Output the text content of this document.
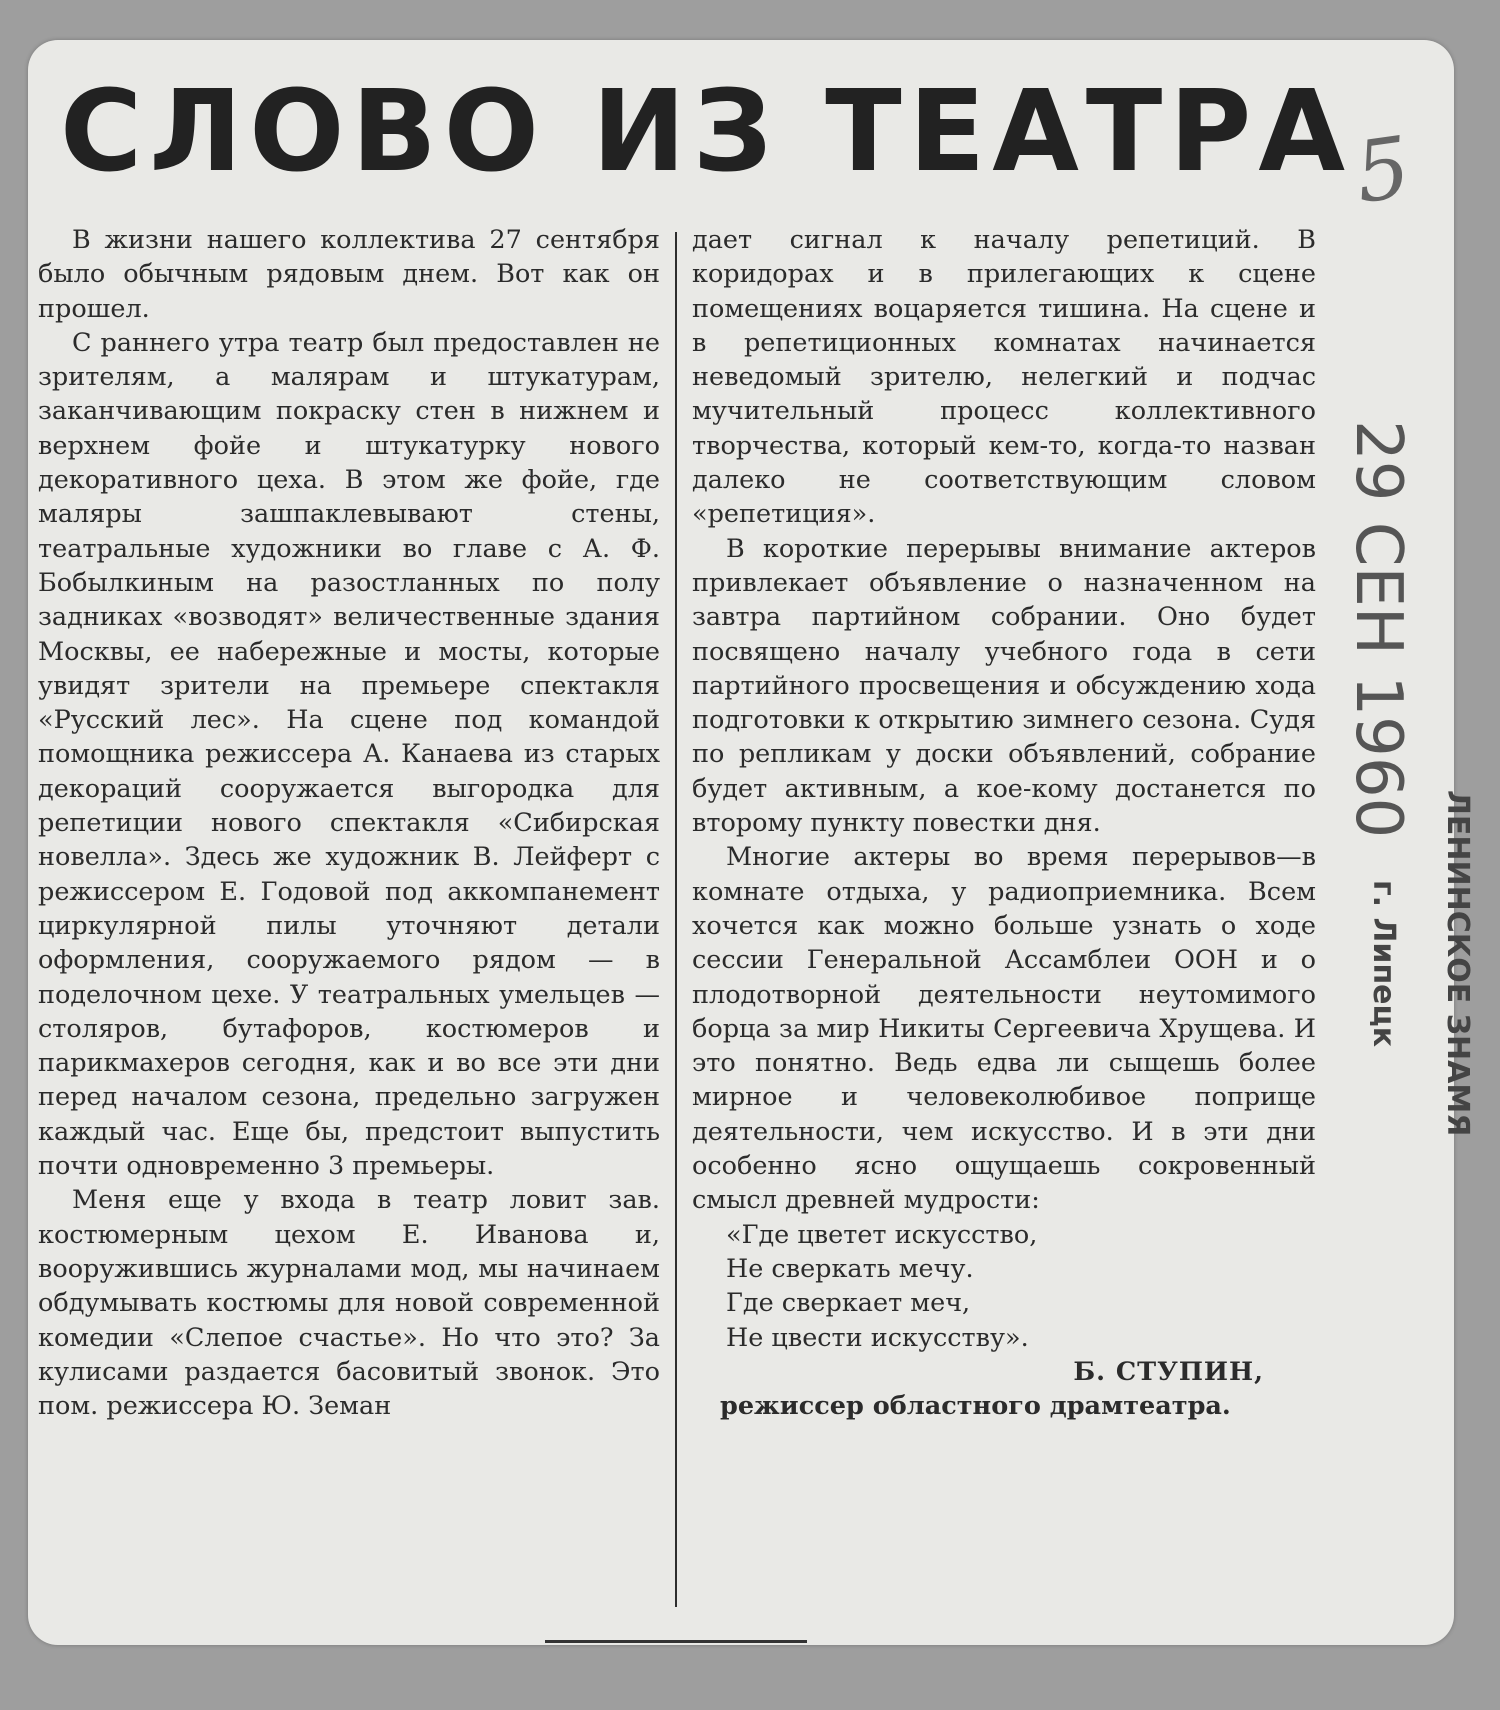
СЛОВО ИЗ ТЕАТРА

В жизни нашего коллектива 27 сентября было обычным рядовым днем. Вот как он прошел.

С раннего утра театр был предоставлен не зрителям, а малярам и штукатурам, заканчивающим покраску стен в нижнем и верхнем фойе и штукатурку нового декоративного цеха. В этом же фойе, где маляры зашпаклевывают стены, театральные художники во главе с А. Ф. Бобылкиным на разостланных по полу задниках «возводят» величественные здания Москвы, ее набережные и мосты, которые увидят зрители на премьере спектакля «Русский лес». На сцене под командой помощника режиссера А. Канаева из старых декораций сооружается выгородка для репетиции нового спектакля «Сибирская новелла». Здесь же художник В. Лейферт с режиссером Е. Годовой под аккомпанемент циркулярной пилы уточняют детали оформления, сооружаемого рядом — в поделочном цехе. У театральных умельцев — столяров, бутафоров, костюмеров и парикмахеров сегодня, как и во все эти дни перед началом сезона, предельно загружен каждый час. Еще бы, предстоит выпустить почти одновременно 3 премьеры.

Меня еще у входа в театр ловит зав. костюмерным цехом Е. Иванова и, вооружившись журналами мод, мы начинаем обдумывать костюмы для новой современной комедии «Слепое счастье». Но что это? За кулисами раздается басовитый звонок. Это пом. режиссера Ю. Земан

дает сигнал к началу репетиций. В коридорах и в прилегающих к сцене помещениях воцаряется тишина. На сцене и в репетиционных комнатах начинается неведомый зрителю, нелегкий и подчас мучительный процесс коллективного творчества, который кем-то, когда-то назван далеко не соответствующим словом «репетиция».

В короткие перерывы внимание актеров привлекает объявление о назначенном на завтра партийном собрании. Оно будет посвящено началу учебного года в сети партийного просвещения и обсуждению хода подготовки к открытию зимнего сезона. Судя по репликам у доски объявлений, собрание будет активным, а кое-кому достанется по второму пункту повестки дня.

Многие актеры во время перерывов—в комнате отдыха, у радиоприемника. Всем хочется как можно больше узнать о ходе сессии Генеральной Ассамблеи ООН и о плодотворной деятельности неутомимого борца за мир Никиты Сергеевича Хрущева. И это понятно. Ведь едва ли сыщешь более мирное и человеколюбивое поприще деятельности, чем искусство. И в эти дни особенно ясно ощущаешь сокровенный смысл древней мудрости:

«Где цветет искусство,
Не сверкать мечу.
Где сверкает меч,
Не цвести искусству».
Б. СТУПИН,
режиссер областного драмтеатра.
29 СЕН 1960
ЛЕНИНСКОЕ ЗНАМЯ
г. Липецк
5
